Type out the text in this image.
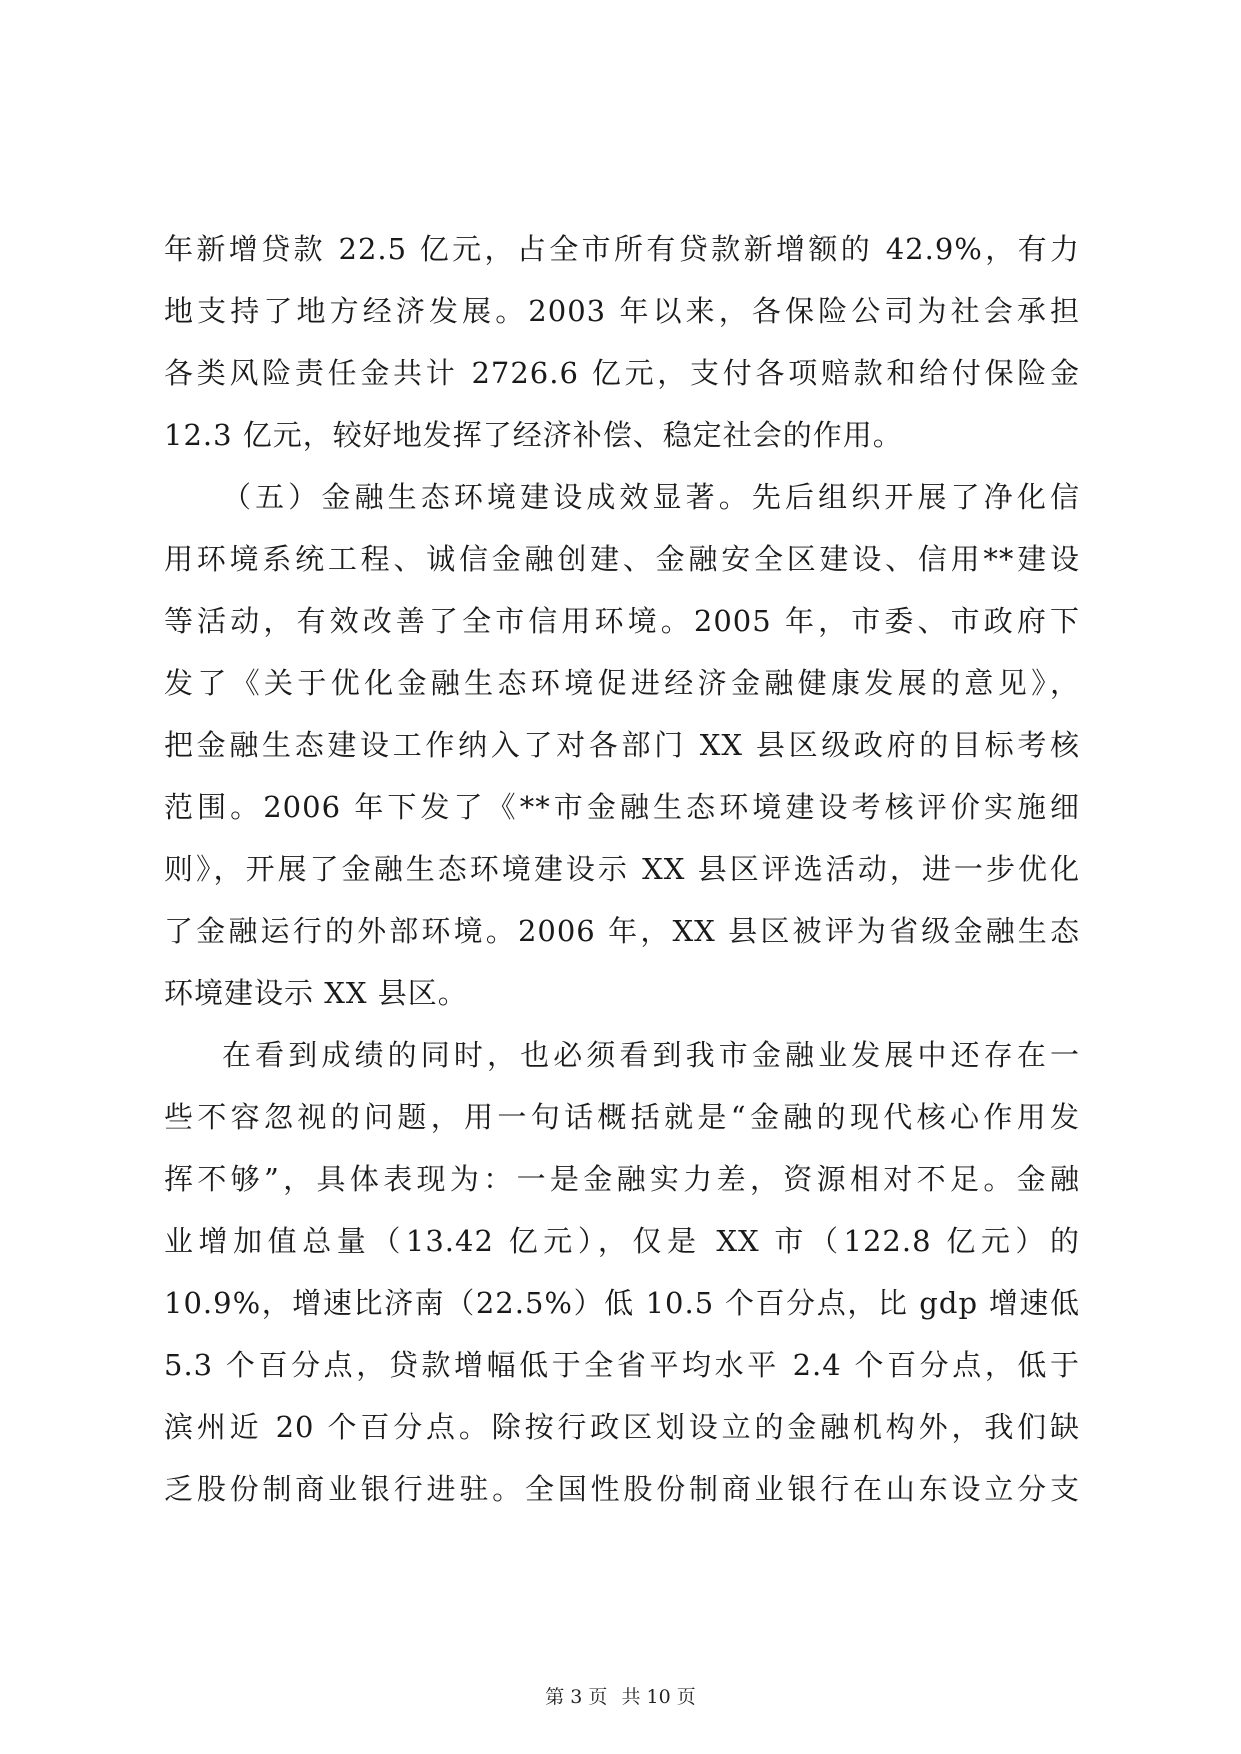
年新增贷款 22.5 亿元，占全市所有贷款新增额的 42.9%，有力
地支持了地方经济发展。2003 年以来，各保险公司为社会承担
各类风险责任金共计 2726.6 亿元，支付各项赔款和给付保险金
12.3 亿元，较好地发挥了经济补偿、稳定社会的作用。
（五）金融生态环境建设成效显著。先后组织开展了净化信
用环境系统工程、诚信金融创建、金融安全区建设、信用**建设
等活动，有效改善了全市信用环境。2005 年，市委、市政府下
发了《关于优化金融生态环境促进经济金融健康发展的意见》，
把金融生态建设工作纳入了对各部门 XX 县区级政府的目标考核
范围。2006 年下发了《**市金融生态环境建设考核评价实施细
则》，开展了金融生态环境建设示 XX 县区评选活动，进一步优化
了金融运行的外部环境。2006 年，XX 县区被评为省级金融生态
环境建设示 XX 县区。
在看到成绩的同时，也必须看到我市金融业发展中还存在一
些不容忽视的问题，用一句话概括就是“金融的现代核心作用发
挥不够”，具体表现为：一是金融实力差，资源相对不足。金融
业增加值总量（13.42 亿元），仅是 XX 市（122.8 亿元）的
10.9%，增速比济南（22.5%）低 10.5 个百分点，比 gdp 增速低
5.3 个百分点，贷款增幅低于全省平均水平 2.4 个百分点，低于
滨州近 20 个百分点。除按行政区划设立的金融机构外，我们缺
乏股份制商业银行进驻。全国性股份制商业银行在山东设立分支
第 3 页 共 10 页
